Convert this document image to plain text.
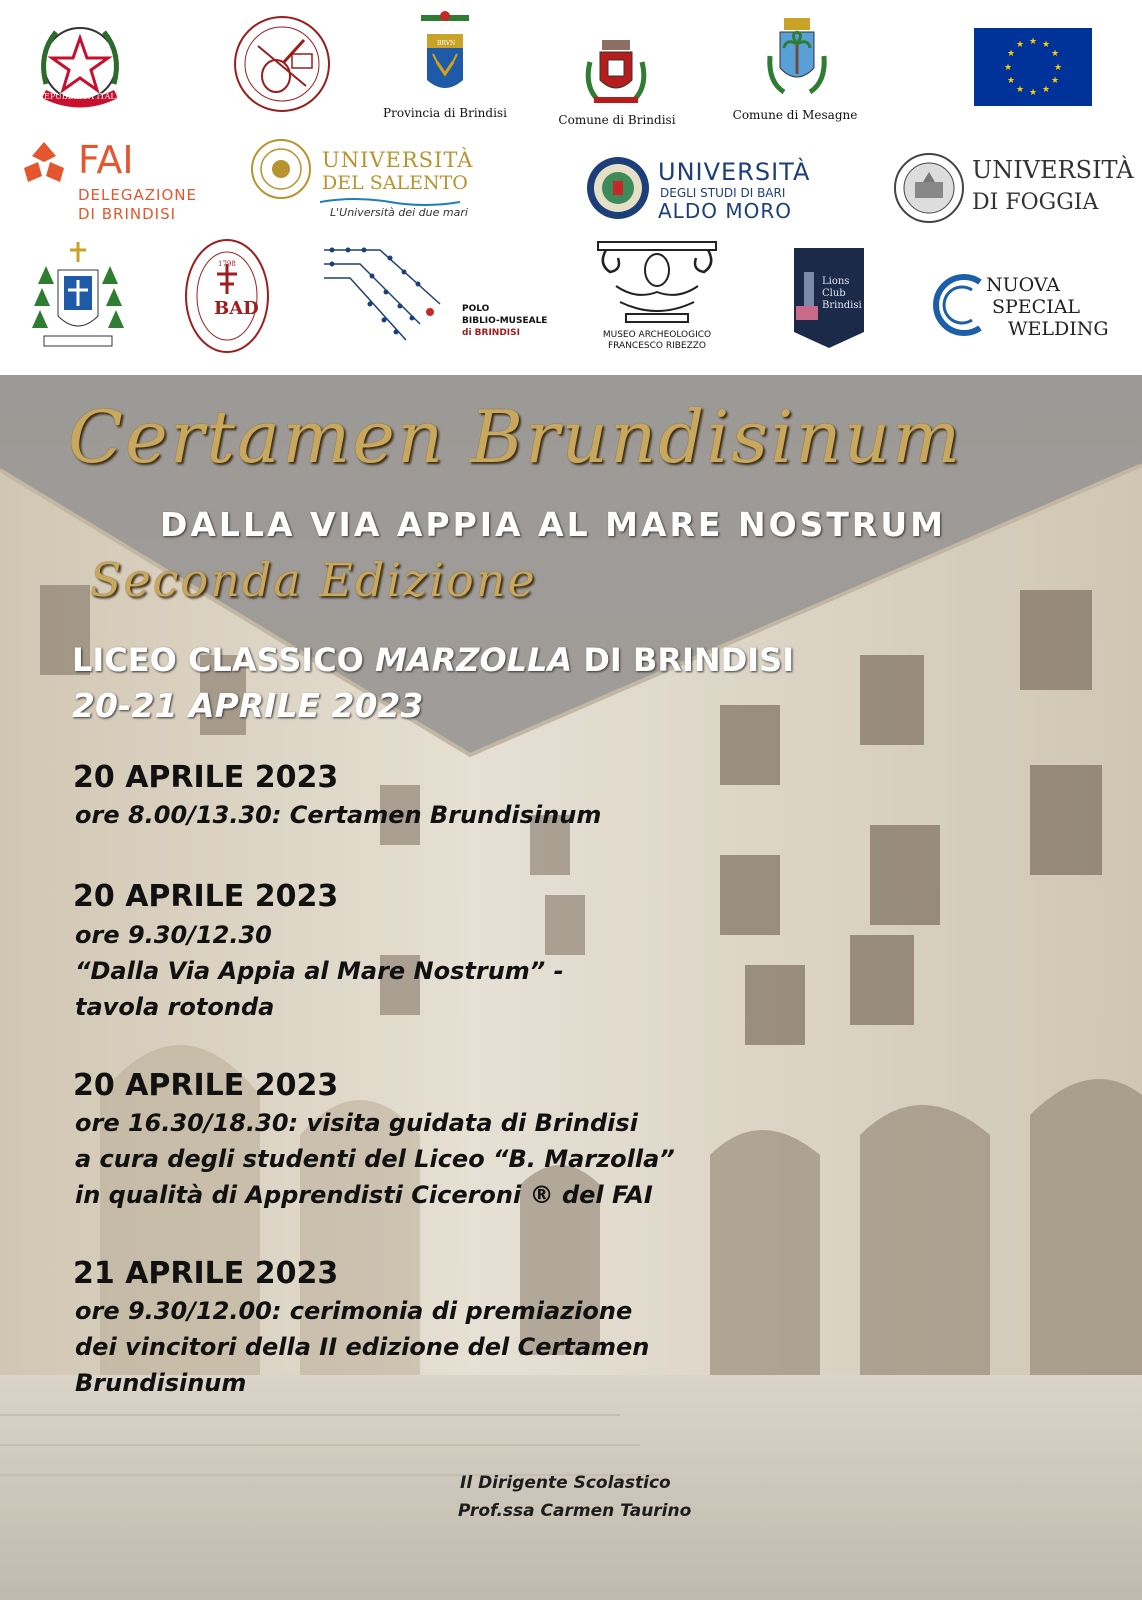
REPUBBLICA ITALIANA
BRVN
Provincia di Brindisi	Comune di Brindisi	Comune di Mesagne
★ ★
★
★
★
★
★
★
★
★
★
★
FAI
DELEGAZIONE
DI BRINDISI
UNIVERSITÀ
DEL SALENTO
L'Università dei due mari
UNIVERSITÀ
DEGLI STUDI DI BARI
ALDO MORO
UNIVERSITÀ
DI FOGGIA
BAD
1798
POLO
BIBLIO-MUSEALE
di BRINDISI	MUSEO ARCHEOLOGICO
FRANCESCO RIBEZZO
Lions
Club
Brindisi
NUOVA
SPECIAL
WELDING
Certamen Brundisinum
DALLA VIA APPIA AL MARE NOSTRUM
Seconda Edizione
LICEO CLASSICO MARZOLLA DI BRINDISI
20-21 APRILE 2023
20 APRILE 2023
ore 8.00/13.30: Certamen Brundisinum
20 APRILE 2023
ore 9.30/12.30
“Dalla Via Appia al Mare Nostrum” -
tavola rotonda
20 APRILE 2023
ore 16.30/18.30: visita guidata di Brindisi
a cura degli studenti del Liceo “B. Marzolla”
in qualità di Apprendisti Ciceroni ® del FAI
21 APRILE 2023
ore 9.30/12.00: cerimonia di premiazione
dei vincitori della II edizione del Certamen
Brundisinum
Il Dirigente Scolastico
Prof.ssa Carmen Taurino
